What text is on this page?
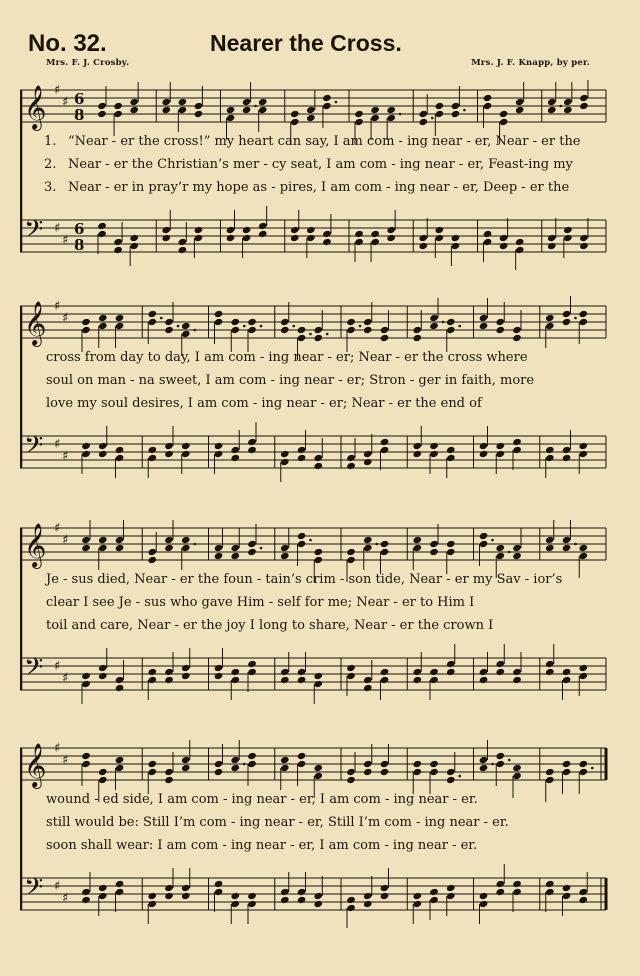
No. 32.	Nearer the Cross.
Mrs. F. J. Crosby.	Mrs. J. F. Knapp, by per.
𝄞 ♯
♯ 6
8
𝄢 ♯
♯
6
8
𝄞 ♯
♯
𝄢 ♯
♯
𝄞 ♯
♯
𝄢 ♯
♯
𝄞 ♯
♯
𝄢 ♯
♯
1. “Near - er the cross!” my heart can say, I am com - ing near - er, Near - er the
2. Near - er the Christian’s mer - cy seat, I am com - ing near - er, Feast-ing my
3. Near - er in pray’r my hope as - pires, I am com - ing near - er, Deep - er the
cross from day to day, I am com - ing near - er; Near - er the cross where
soul on man - na sweet, I am com - ing near - er; Stron - ger in faith, more
love my soul desires, I am com - ing near - er; Near - er the end of
Je - sus died, Near - er the foun - tain’s crim - son tide, Near - er my Sav - ior’s
clear I see Je - sus who gave Him - self for me; Near - er to Him I
toil and care, Near - er the joy I long to share, Near - er the crown I
wound - ed side, I am com - ing near - er, I am com - ing near - er.
still would be: Still I’m com - ing near - er, Still I’m com - ing near - er.
soon shall wear: I am com - ing near - er, I am com - ing near - er.
